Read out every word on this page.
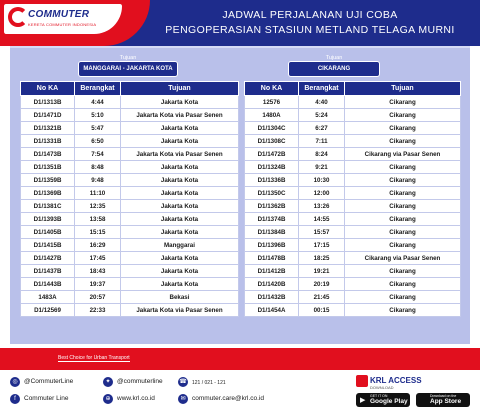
COMMUTER
KERETA COMMUTER INDONESIA
JADWAL PERJALANAN UJI COBA
PENGOPERASIAN STASIUN METLAND TELAGA MURNI
Tujuan
MANGGARAI - JAKARTA KOTA
Tujuan
CIKARANG
No KA	Berangkat	Tujuan
D1/1313B	4:44	Jakarta Kota
D1/1471D	5:10	Jakarta Kota via Pasar Senen
D1/1321B	5:47	Jakarta Kota
D1/1331B	6:50	Jakarta Kota
D1/1473B	7:54	Jakarta Kota via Pasar Senen
D1/1351B	8:48	Jakarta Kota
D1/1359B	9:48	Jakarta Kota
D1/1369B	11:10	Jakarta Kota
D1/1381C	12:35	Jakarta Kota
D1/1393B	13:58	Jakarta Kota
D1/1405B	15:15	Jakarta Kota
D1/1415B	16:29	Manggarai
D1/1427B	17:45	Jakarta Kota
D1/1437B	18:43	Jakarta Kota
D1/1443B	19:37	Jakarta Kota
1483A	20:57	Bekasi
D1/12569	22:33	Jakarta Kota via Pasar Senen
No KA	Berangkat	Tujuan
12576	4:40	Cikarang
1480A	5:24	Cikarang
D1/1304C	6:27	Cikarang
D1/1308C	7:11	Cikarang
D1/1472B	8:24	Cikarang via Pasar Senen
D1/1324B	9:21	Cikarang
D1/1336B	10:30	Cikarang
D1/1350C	12:00	Cikarang
D1/1362B	13:26	Cikarang
D1/1374B	14:55	Cikarang
D1/1384B	15:57	Cikarang
D1/1396B	17:15	Cikarang
D1/1478B	18:25	Cikarang via Pasar Senen
D1/1412B	19:21	Cikarang
D1/1420B	20:19	Cikarang
D1/1432B	21:45	Cikarang
D1/1454A	00:15	Cikarang
Best Choice for Urban Transport
◎ @CommuterLine	✦ @commuterline	☎ 121 / 021 - 121
f	Commuter Line	⊕ www.krl.co.id	✉ commuter.care@krl.co.id
KRL ACCESS
DOWNLOAD
▶
GET IT ON
Google Play
Download on the
App Store
